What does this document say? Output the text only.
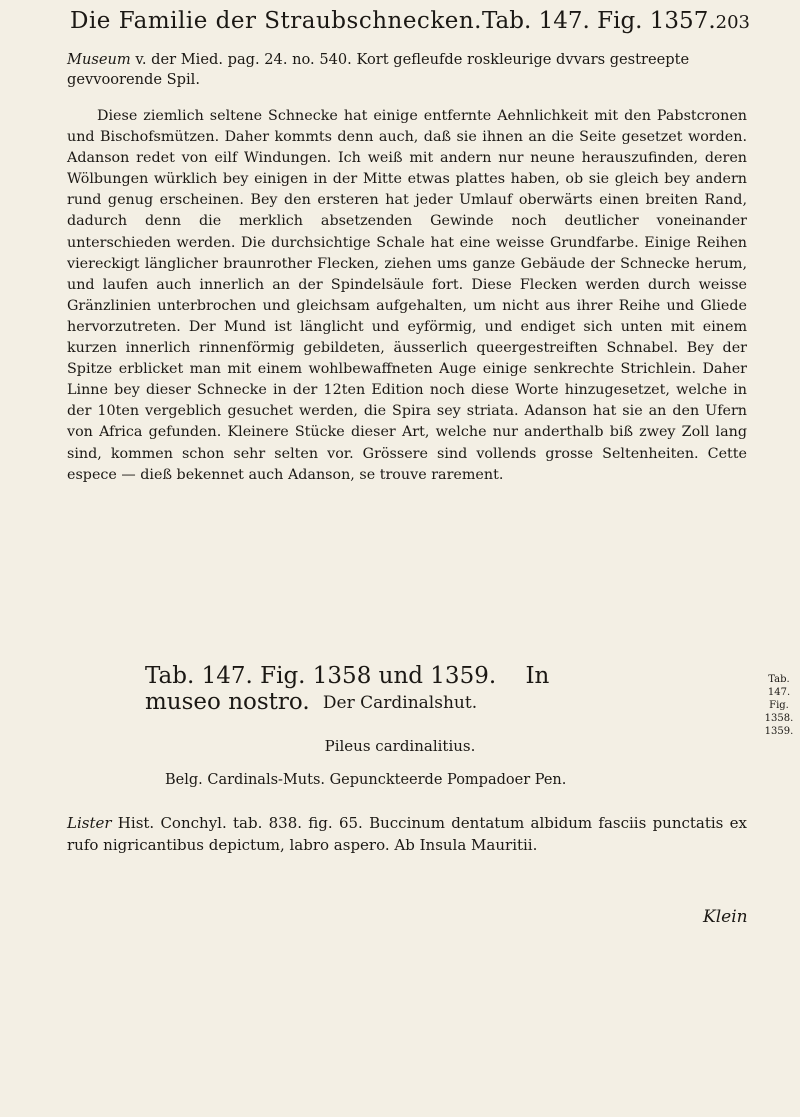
Die Familie der Straubschnecken. Tab. 147. Fig. 1357. 203
Museum v. der Mied. pag. 24. no. 540. Kort gefleufde roskleurige dvvars gestreepte gevvoorende Spil.
Diese ziemlich seltene Schnecke hat einige entfernte Aehnlichkeit mit den Pabstcronen und Bischofsmützen. Daher kommts denn auch, daß sie ihnen an die Seite gesetzet worden. Adanson redet von eilf Windungen. Ich weiß mit andern nur neune herauszufinden, deren Wölbungen würklich bey einigen in der Mitte etwas plattes haben, ob sie gleich bey andern rund genug erscheinen. Bey den ersteren hat jeder Umlauf oberwärts einen breiten Rand, dadurch denn die merklich absetzenden Gewinde noch deutlicher voneinander unterschieden werden. Die durchsichtige Schale hat eine weisse Grundfarbe. Einige Reihen viereckigt länglicher braunrother Flecken, ziehen ums ganze Gebäude der Schnecke herum, und laufen auch innerlich an der Spindelsäule fort. Diese Flecken werden durch weisse Gränzlinien unterbrochen und gleichsam aufgehalten, um nicht aus ihrer Reihe und Gliede hervorzutreten. Der Mund ist länglicht und eyförmig, und endiget sich unten mit einem kurzen innerlich rinnenförmig gebildeten, äusserlich queergestreiften Schnabel. Bey der Spitze erblicket man mit einem wohlbewaffneten Auge einige senkrechte Strichlein. Daher Linne bey dieser Schnecke in der 12ten Edition noch diese Worte hinzugesetzet, welche in der 10ten vergeblich gesuchet werden, die Spira sey striata. Adanson hat sie an den Ufern von Africa gefunden. Kleinere Stücke dieser Art, welche nur anderthalb biß zwey Zoll lang sind, kommen schon sehr selten vor. Grössere sind vollends grosse Seltenheiten. Cette espece — dieß bekennet auch Adanson, se trouve rarement.
Tab. 147. Fig. 1358 und 1359. In museo nostro. Der Cardinalshut.
Pileus cardinalitius.
Belg. Cardinals-Muts. Gepunckteerde Pompadoer Pen.
Lister Hist. Conchyl. tab. 838. fig. 65. Buccinum dentatum albidum fasciis punctatis ex rufo nigricantibus depictum, labro aspero. Ab Insula Mauritii.
Tab. 147.
Fig. 1358.
1359.
Klein
